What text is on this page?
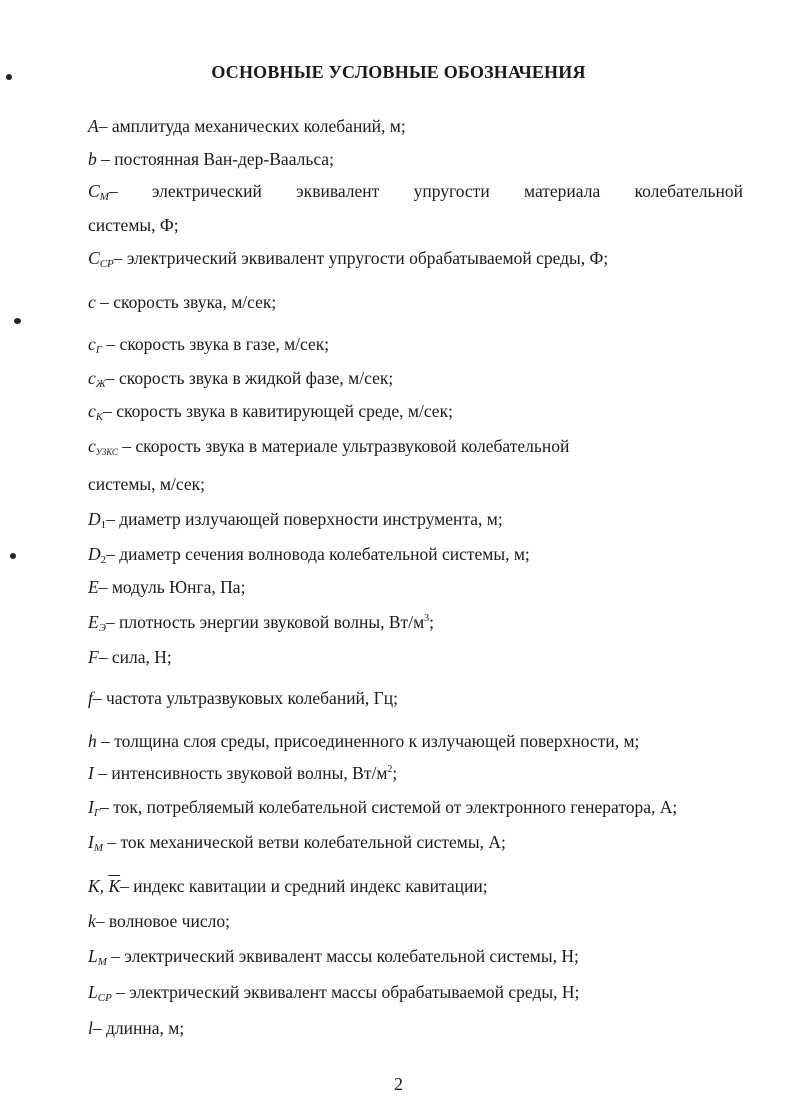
ОСНОВНЫЕ УСЛОВНЫЕ ОБОЗНАЧЕНИЯ
A– амплитуда механических колебаний, м;
b – постоянная Ван-дер-Ваальса;
$C_M-$ электрический эквивалент упругости материала колебательной
системы, Ф;
$C_{CP}-$ электрический эквивалент упругости обрабатываемой среды, Ф;
c – скорость звука, м/сек;
$c_Г$ – скорость звука в газе, м/сек;
$c_Ж-$ скорость звука в жидкой фазе, м/сек;
$c_K-$ скорость звука в кавитирующей среде, м/сек;
$c_{УЗКС}$ – скорость звука в материале ультразвуковой колебательной
системы, м/сек;
$D_1-$ диаметр излучающей поверхности инструмента, м;
$D_2-$ диаметр сечения волновода колебательной системы, м;
E– модуль Юнга, Па;
$E_Э-$ плотность энергии звуковой волны, $Вт/м^3$;
F– сила, Н;
f– частота ультразвуковых колебаний, Гц;
h – толщина слоя среды, присоединенного к излучающей поверхности, м;
I – интенсивность звуковой волны, $Вт/м^2$;
$I_Г-$ ток, потребляемый колебательной системой от электронного генератора, А;
$I_M$ – ток механической ветви колебательной системы, А;
K, $\overline{K}-$ индекс кавитации и средний индекс кавитации;
k– волновое число;
$L_M$ – электрический эквивалент массы колебательной системы, Н;
$L_{CP}$ – электрический эквивалент массы обрабатываемой среды, Н;
l– длинна, м;
2
